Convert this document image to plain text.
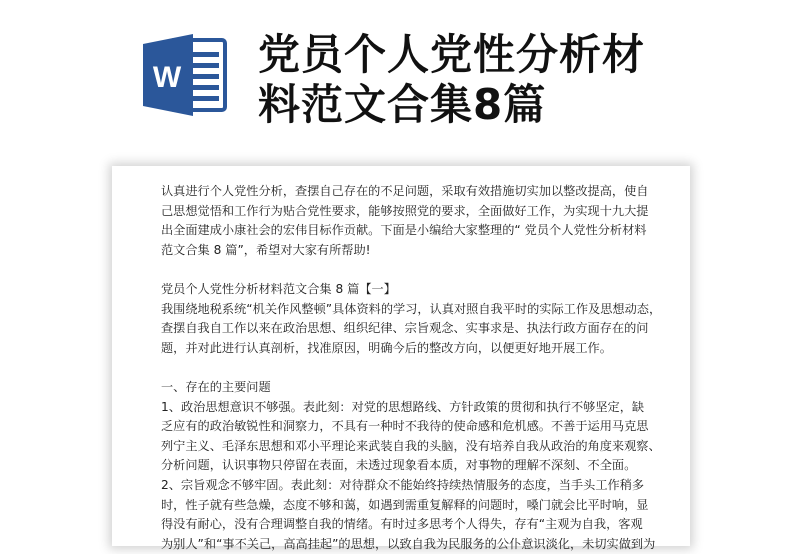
W 党员个人党性分析材
料范文合集8篇
认真进行个人党性分析，查摆自己存在的不足问题，采取有效措施切实加以整改提高，使自
己思想觉悟和工作行为贴合党性要求，能够按照党的要求，全面做好工作，为实现十九大提
出全面建成小康社会的宏伟目标作贡献。下面是小编给大家整理的“ 党员个人党性分析材料
范文合集 8 篇”，希望对大家有所帮助!
党员个人党性分析材料范文合集 8 篇【一】
我围绕地税系统“机关作风整顿”具体资料的学习，认真对照自我平时的实际工作及思想动态，
查摆自我自工作以来在政治思想、组织纪律、宗旨观念、实事求是、执法行政方面存在的问
题，并对此进行认真剖析，找准原因，明确今后的整改方向，以便更好地开展工作。
一、存在的主要问题
1、政治思想意识不够强。表此刻：对党的思想路线、方针政策的贯彻和执行不够坚定，缺
乏应有的政治敏锐性和洞察力，不具有一种时不我待的使命感和危机感。不善于运用马克思
列宁主义、毛泽东思想和邓小平理论来武装自我的头脑，没有培养自我从政治的角度来观察、
分析问题，认识事物只停留在表面，未透过现象看本质，对事物的理解不深刻、不全面。
2、宗旨观念不够牢固。表此刻：对待群众不能始终持续热情服务的态度，当手头工作稍多
时，性子就有些急燥，态度不够和蔼，如遇到需重复解释的问题时，嗓门就会比平时响，显
得没有耐心，没有合理调整自我的情绪。有时过多思考个人得失，存有“主观为自我，客观
为别人”和“事不关己，高高挂起”的思想，以致自我为民服务的公仆意识淡化，未切实做到为
